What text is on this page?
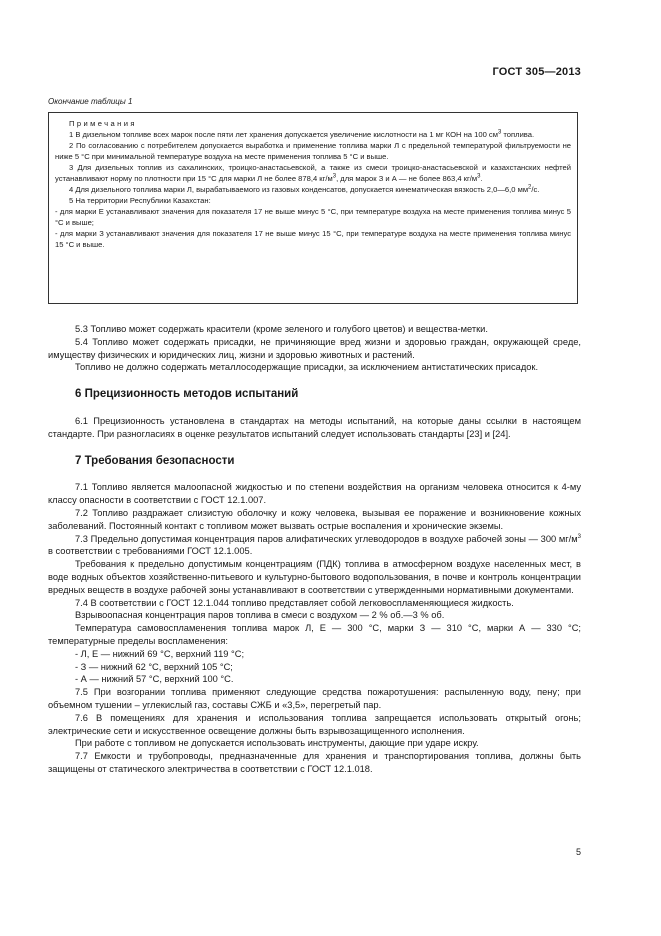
ГОСТ 305—2013
Окончание таблицы 1
Примечания

1 В дизельном топливе всех марок после пяти лет хранения допускается увеличение кислотности на 1 мг КОН на 100 $см^3$ топлива.

2 По согласованию с потребителем допускается выработка и применение топлива марки Л с предельной температурой фильтруемости не ниже 5 °С при минимальной температуре воздуха на месте применения топлива 5 °С и выше.

3 Для дизельных топлив из сахалинских, троицко-анастасьевской, а также из смеси троицко-анастасьевской и казахстанских нефтей устанавливают норму по плотности при 15 °С для марки Л не более 878,4 $кг/м^3$, для марок З и А — не более 863,4 $кг/м^3$.

4 Для дизельного топлива марки Л, вырабатываемого из газовых конденсатов, допускается кинематическая вязкость 2,0—6,0 $мм^2/с$.

5 На территории Республики Казахстан:

- для марки Е устанавливают значения для показателя 17 не выше минус 5 °С, при температуре воздуха на месте применения топлива минус 5 °С и выше;

- для марки З устанавливают значения для показателя 17 не выше минус 15 °С, при температуре воздуха на месте применения топлива минус 15 °С и выше.

5.3 Топливо может содержать красители (кроме зеленого и голубого цветов) и вещества-метки.

5.4 Топливо может содержать присадки, не причиняющие вред жизни и здоровью граждан, окружающей среде, имуществу физических и юридических лиц, жизни и здоровью животных и растений.

Топливо не должно содержать металлосодержащие присадки, за исключением антистатических присадок.

6 Прецизионность методов испытаний

6.1 Прецизионность установлена в стандартах на методы испытаний, на которые даны ссылки в настоящем стандарте. При разногласиях в оценке результатов испытаний следует использовать стандарты [23] и [24].

7 Требования безопасности

7.1 Топливо является малоопасной жидкостью и по степени воздействия на организм человека относится к 4-му классу опасности в соответствии с ГОСТ 12.1.007.

7.2 Топливо раздражает слизистую оболочку и кожу человека, вызывая ее поражение и возникновение кожных заболеваний. Постоянный контакт с топливом может вызвать острые воспаления и хронические экземы.

7.3 Предельно допустимая концентрация паров алифатических углеводородов в воздухе рабочей зоны — 300 $мг/м^3$ в соответствии с требованиями ГОСТ 12.1.005.

Требования к предельно допустимым концентрациям (ПДК) топлива в атмосферном воздухе населенных мест, в воде водных объектов хозяйственно-питьевого и культурно-бытового водопользования, в почве и контроль концентрации вредных веществ в воздухе рабочей зоны устанавливают в соответствии с утвержденными нормативными документами.

7.4 В соответствии с ГОСТ 12.1.044 топливо представляет собой легковоспламеняющиеся жидкость.

Взрывоопасная концентрация паров топлива в смеси с воздухом — 2 % об.—3 % об.

Температура самовоспламенения топлива марок Л, Е — 300 °С, марки З — 310 °С, марки А — 330 °С; температурные пределы воспламенения:

- Л, Е — нижний 69 °С, верхний 119 °С;

- З — нижний 62 °С, верхний 105 °С;

- А — нижний 57 °С, верхний 100 °С.

7.5 При возгорании топлива применяют следующие средства пожаротушения: распыленную воду, пену; при объемном тушении – углекислый газ, составы СЖБ и «3,5», перегретый пар.

7.6 В помещениях для хранения и использования топлива запрещается использовать открытый огонь; электрические сети и искусственное освещение должны быть взрывозащищенного исполнения.

При работе с топливом не допускается использовать инструменты, дающие при ударе искру.

7.7 Емкости и трубопроводы, предназначенные для хранения и транспортирования топлива, должны быть защищены от статического электричества в соответствии с ГОСТ 12.1.018.

5
